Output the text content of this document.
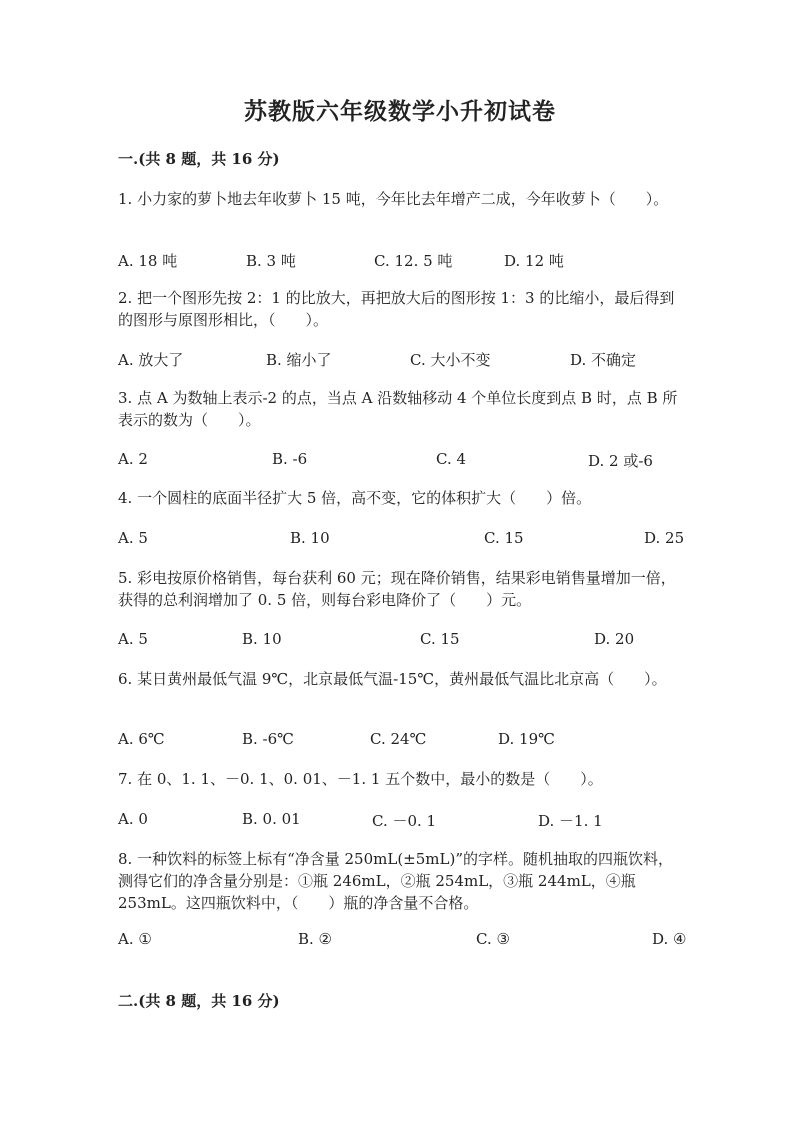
苏教版六年级数学小升初试卷
一.(共 8 题，共 16 分)
1. 小力家的萝卜地去年收萝卜 15 吨，今年比去年增产二成，今年收萝卜（　　）。
A. 18 吨	B. 3 吨	C. 12. 5 吨	D. 12 吨
2. 把一个图形先按 2：1 的比放大，再把放大后的图形按 1：3 的比缩小，最后得到的图形与原图形相比，（　　）。
A. 放大了	B. 缩小了	C. 大小不变	D. 不确定
3. 点 A 为数轴上表示-2 的点，当点 A 沿数轴移动 4 个单位长度到点 B 时，点 B 所表示的数为（　　）。
A. 2	B. -6	C. 4	D. 2 或-6
4. 一个圆柱的底面半径扩大 5 倍，高不变，它的体积扩大（　　）倍。
A. 5	B. 10	C. 15	D. 25
5. 彩电按原价格销售，每台获利 60 元；现在降价销售，结果彩电销售量增加一倍，获得的总利润增加了 0. 5 倍，则每台彩电降价了（　　）元。
A. 5	B. 10	C. 15	D. 20
6. 某日黄州最低气温 9℃，北京最低气温-15℃，黄州最低气温比北京高（　　）。
A. 6℃	B. -6℃	C. 24℃	D. 19℃
7. 在 0、1. 1、－0. 1、0. 01、－1. 1 五个数中，最小的数是（　　）。
A. 0	B. 0. 01	C. －0. 1	D. －1. 1
8. 一种饮料的标签上标有“净含量 250mL(±5mL)”的字样。随机抽取的四瓶饮料，测得它们的净含量分别是：①瓶 246mL，②瓶 254mL，③瓶 244mL，④瓶 253mL。这四瓶饮料中，（　　）瓶的净含量不合格。
A. ①	B. ②	C. ③	D. ④
二.(共 8 题，共 16 分)
